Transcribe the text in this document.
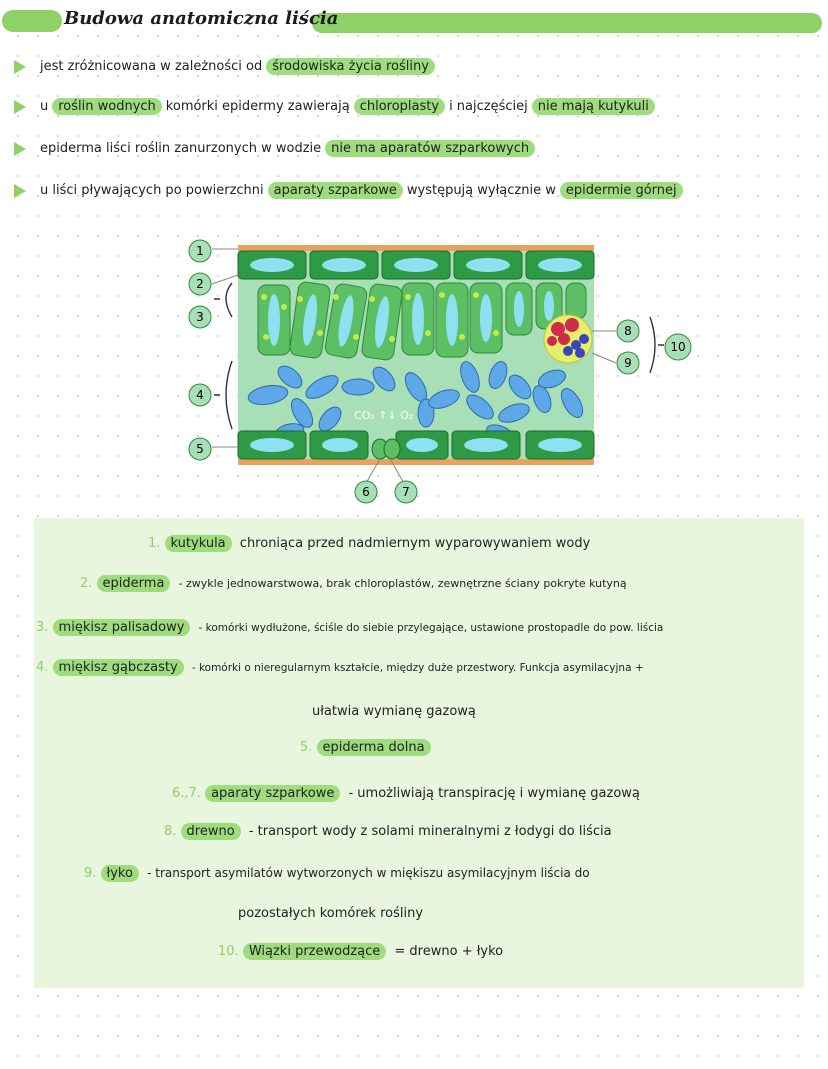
Budowa anatomiczna liścia
jest zróżnicowana w zależności od środowiska życia rośliny
u roślin wodnych komórki epidermy zawierają chloroplasty i najczęściej nie mają kutykuli
epiderma liści roślin zanurzonych w wodzie nie ma aparatów szparkowych
u liści pływających po powierzchni aparaty szparkowe występują wyłącznie w epidermie górnej
CO₂ ↑↓ O₂
1
2
3
4
5
6	7
8
9
10
1. kutykula chroniąca przed nadmiernym wyparowywaniem wody
2. epiderma - zwykle jednowarstwowa, brak chloroplastów, zewnętrzne ściany pokryte kutyną
3. miękisz palisadowy - komórki wydłużone, ściśle do siebie przylegające, ustawione prostopadle do pow. liścia
4. miękisz gąbczasty - komórki o nieregularnym kształcie, między duże przestwory. Funkcja asymilacyjna +
ułatwia wymianę gazową
5. epiderma dolna
6.,7. aparaty szparkowe - umożliwiają transpirację i wymianę gazową
8. drewno - transport wody z solami mineralnymi z łodygi do liścia
9. łyko - transport asymilatów wytworzonych w miękiszu asymilacyjnym liścia do
pozostałych komórek rośliny
10. Wiązki przewodzące = drewno + łyko
